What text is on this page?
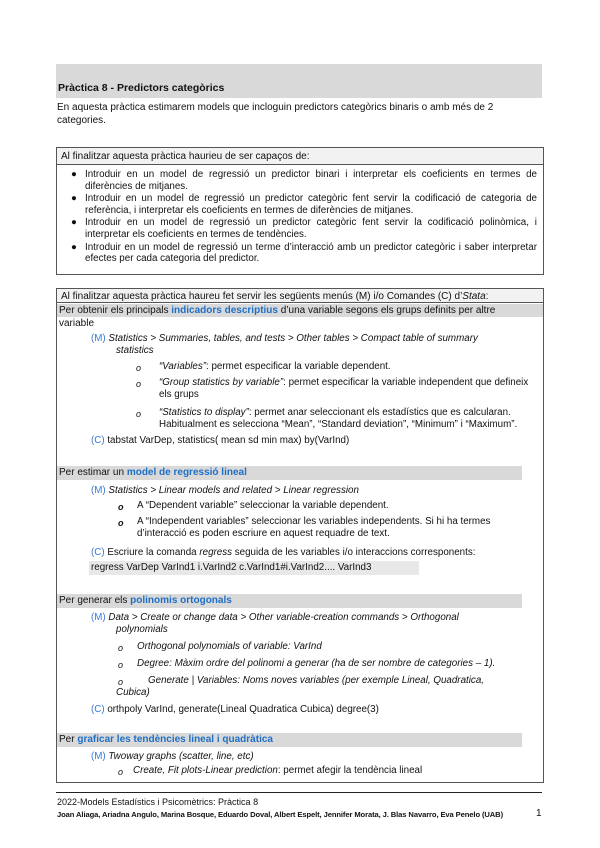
Pràctica 8 - Predictors categòrics
En aquesta pràctica estimarem models que incloguin predictors categòrics binaris o amb més de 2 categories.
Al finalitzar aquesta pràctica haurieu de ser capaços de:
● Introduir en un model de regressió un predictor binari i interpretar els coeficients en termes de diferències de mitjanes.
● Introduir en un model de regressió un predictor categòric fent servir la codificació de categoria de referència, i interpretar els coeficients en termes de diferències de mitjanes.
● Introduir en un model de regressió un predictor categòric fent servir la codificació polinòmica, i interpretar els coeficients en termes de tendències.
● Introduir en un model de regressió un terme d’interacció amb un predictor categòric i saber interpretar efectes per cada categoria del predictor.
Al finalitzar aquesta pràctica haureu fet servir les següents menús (M) i/o Comandes (C) d’Stata:
Per obtenir els principals indicadors descriptius d’una variable segons els grups definits per altre
variable
(M) Statistics > Summaries, tables, and tests > Other tables > Compact table of summary
statistics
o “Variables”: permet especificar la variable dependent.
o “Group statistics by variable”: permet especificar la variable independent que defineix
els grups
o “Statistics to display”: permet anar seleccionant els estadístics que es calcularan.
Habitualment es selecciona “Mean”, “Standard deviation”, “Minimum” i “Maximum”.
(C) tabstat VarDep, statistics( mean sd min max) by(VarInd)
Per estimar un model de regressió lineal
(M) Statistics > Linear models and related > Linear regression
o A “Dependent variable” seleccionar la variable dependent.
o A “Independent variables” seleccionar les variables independents. Si hi ha termes
d’interacció es poden escriure en aquest requadre de text.
(C) Escriure la comanda regress seguida de les variables i/o interaccions corresponents:
regress VarDep VarInd1 i.VarInd2 c.VarInd1#i.VarInd2.... VarInd3
Per generar els polinomis ortogonals
(M) Data > Create or change data > Other variable-creation commands > Orthogonal
polynomials
o Orthogonal polynomials of variable: VarInd
o Degree: Màxim ordre del polinomi a generar (ha de ser nombre de categories – 1).
o	Generate | Variables: Noms noves variables (per exemple Lineal, Quadratica,
Cubica)
(C) orthpoly VarInd, generate(Lineal Quadratica Cubica) degree(3)
Per graficar les tendències lineal i quadràtica
(M) Twoway graphs (scatter, line, etc)
o Create, Fit plots-Linear prediction: permet afegir la tendència lineal
2022-Models Estadístics i Psicomètrics: Pràctica 8
Joan Aliaga, Ariadna Angulo, Marina Bosque, Eduardo Doval, Albert Espelt, Jennifer Morata, J. Blas Navarro, Eva Penelo (UAB)	1
